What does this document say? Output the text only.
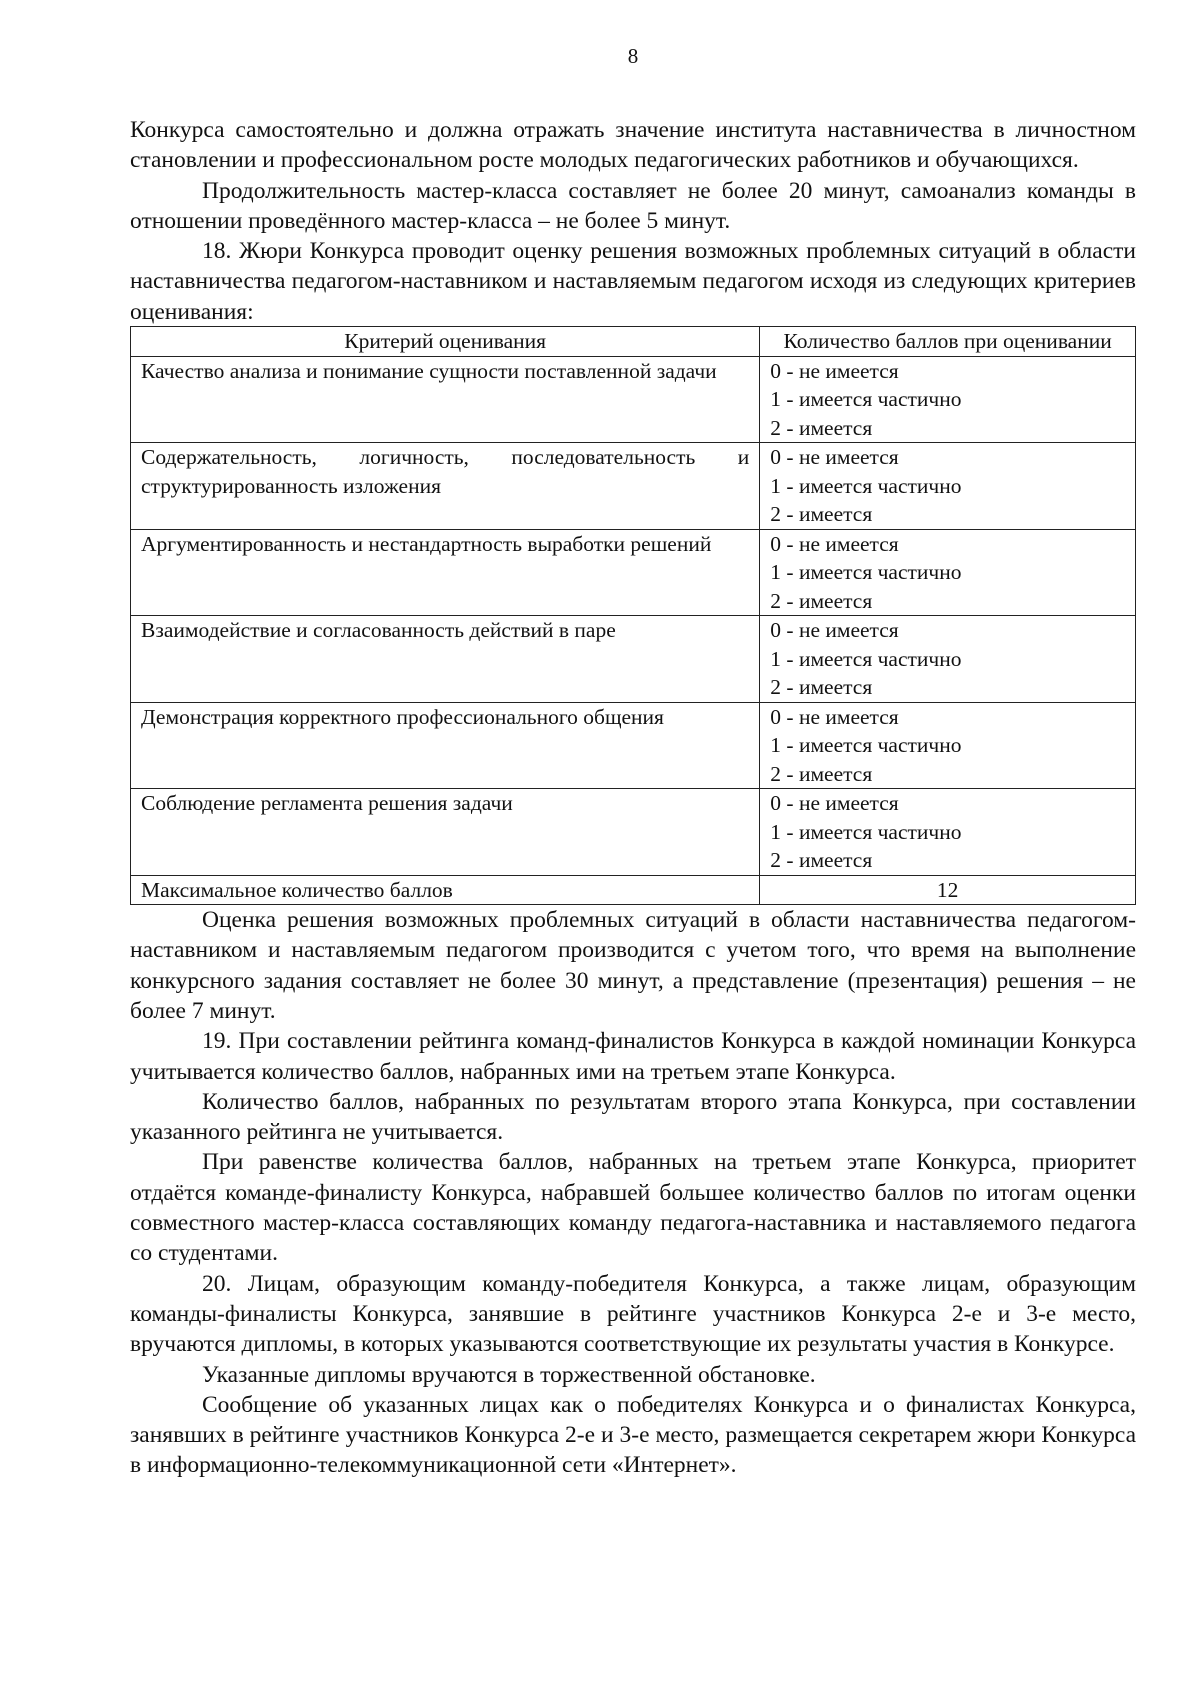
8

Конкурса самостоятельно и должна отражать значение института наставничества в личностном становлении и профессиональном росте молодых педагогических работников и обучающихся.

Продолжительность мастер-класса составляет не более 20 минут, самоанализ команды в отношении проведённого мастер-класса – не более 5 минут.

18. Жюри Конкурса проводит оценку решения возможных проблемных ситуаций в области наставничества педагогом-наставником и наставляемым педагогом исходя из следующих критериев оценивания:

Критерий оценивания	Количество баллов при оценивании
Качество анализа и понимание сущности поставленной задачи	0 - не имеется
1 - имеется частично
2 - имеется

Содержательность, логичность, последовательность и структурированность изложения	0 - не имеется
1 - имеется частично
2 - имеется

Аргументированность и нестандартность выработки решений	0 - не имеется
1 - имеется частично
2 - имеется

Взаимодействие и согласованность действий в паре	0 - не имеется
1 - имеется частично
2 - имеется

Демонстрация корректного профессионального общения	0 - не имеется
1 - имеется частично
2 - имеется

Соблюдение регламента решения задачи	0 - не имеется
1 - имеется частично
2 - имеется

Максимальное количество баллов	12

Оценка решения возможных проблемных ситуаций в области наставничества педагогом-наставником и наставляемым педагогом производится с учетом того, что время на выполнение конкурсного задания составляет не более 30 минут, а представление (презентация) решения – не более 7 минут.

19. При составлении рейтинга команд-финалистов Конкурса в каждой номинации Конкурса учитывается количество баллов, набранных ими на третьем этапе Конкурса.

Количество баллов, набранных по результатам второго этапа Конкурса, при составлении указанного рейтинга не учитывается.

При равенстве количества баллов, набранных на третьем этапе Конкурса, приоритет отдаётся команде-финалисту Конкурса, набравшей большее количество баллов по итогам оценки совместного мастер-класса составляющих команду педагога-наставника и наставляемого педагога со студентами.

20. Лицам, образующим команду-победителя Конкурса, а также лицам, образующим команды-финалисты Конкурса, занявшие в рейтинге участников Конкурса 2-е и 3-е место, вручаются дипломы, в которых указываются соответствующие их результаты участия в Конкурсе.

Указанные дипломы вручаются в торжественной обстановке.

Сообщение об указанных лицах как о победителях Конкурса и о финалистах Конкурса, занявших в рейтинге участников Конкурса 2-е и 3-е место, размещается секретарем жюри Конкурса в информационно-телекоммуникационной сети «Интернет».
